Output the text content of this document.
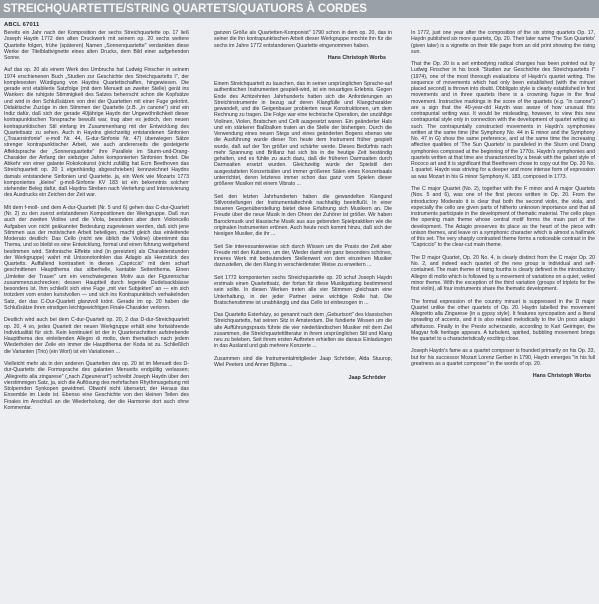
STREICHQUARTETTE/STRING QUARTETS/QUATUORS À CORDES
ABCL 67011

Bereits ein Jahr nach der Komposition der sechs Streichquartette op. 17 ließ Joseph Haydn 1772 den alten Druckwerk mit seinem op. 20 sechs weitere Quartette folgen, frühe (späteren) Namen „Sonnenquartette" verdankten diese Werke der Titelblattvignette eines alten Drucks, dem Bild einer aufgehenden Sonne.

Auf das op. 20 als einem Werk des Umbruchs hat Ludwig Finscher in seinem 1974 erschienenen Buch „Studien zur Geschichte des Streichquartetts I", der komplexesten Würdigung von Haydns Quartettschaffen, hingewiesen. Die gerade erst etablierte Satzfolge (mit dem Menuett an zweiter Stelle) gerät ins Wanken: die ruhigste Stimmigkeit des Satzes beherrscht schon die Kopfsätze und wird in den Schlußsätzen von drei der Quartetten mit einer Fuge gekrönt. Didaktische Zuzüge in den Stimmen der Quartette (z.B. „in canone") sind ein Indiz dafür, daß sich der gerade 40jährige Haydn der Ungewöhnlichkeit dieser kontrapunktischen Tonsprache bewußt war, trug aber es jedoch, den neuen kontrapunktischen Stil einfang im Zusammenhang mit der Entwicklung des Quartettsatz zu sehen. Auch in Haydns gleichzeitig entstandenen Sinfonien („Trauersinfonie" e-moll Nr. 44, G-dur-Sinfonie Nr. 47) überwiegen Sätze strenger kontrapunktischer Arbeit, wie auch andererseits die gesteigerte Affektsprache der „Sonnenquartette" ihre Parallele im Sturm-und-Drang-Charakter der Anfang der siebziger Jahre komponierten Sinfonien findet. Die Abkehr von einer galante Rokokokunst (nicht zufällig hat Ecm Beethoven das Streichquartett op. 20 1 eigenhändig abgeschrieben) kennzeichnet Haydns damals entstandene Sinfonien und Quartette. ja, ein Werk wie Mozarts 1773 komponiertes „kleine" g-moll-Sinfonie KV 183 ist ein bekenntnis solcherr stehender Beleg dafür, daß Haydns Streben nach Vertiefung und Intensivierung des Ausdrucks ein Zeichen der Zeit war.

Mit dem f-moll- und dem A-dur-Quartett (Nr. 5 und 6) gehen das C-dur-Quartett (Nr. 2) zu den zuerst entstandenen Kompositionen der Werkgruppe. Daß nun auch der zweiten Violine und die Viola, besonders aber dem Violoncello Aufgaben von nicht geäkannter Bedeutung zugewiesen werden, daß sich jene Stimmen aus der motivischen Arbeit beteiligen, macht gleich das einleitende Moderato deutlich: Das Cello (nicht wie üblich die Violine) übernimmt das Thema, und so bleibt es eine Entwicklung, formal und einen führung weitgehend bestimmen wird. Sinfonische Effekte sind (in gereizten) als Charakterstunden der Werkgruppe) wahrt mit Unisonotonfolen das Adagio als Herzstück des Quartetts. Auffallend kontrastiert in diesen „Capriccio" mit dem scharf geschnittenen Hauptthema das silberhelle, kantable Seitenthema. Einen „Umleiter der Trauer" um ein verschwiegenes Motiv aus der Figurenschar zusammenzuschrecken; dessen Hauptteil durch legende Dudelsackbässe besonders ist. Ihm schließt sich eine Fuge „mit vier Subjekten" an — ein sich trotzdem vom ersten kunstvollen — und sich ins Kontrapunktisch verhakelnden Satz, der das C-Dur-Quartett glanzvoll krönt. Gerade im op. 20 haben die Schlußsätze ihren einstigen leichtgewichtigen Finale-Charakter verloren.

Deutlich wird auch bei dem C-dur-Quartett op. 20, 2 das D-dur-Streichquartett op. 20, 4 so, jedes Quartett der neuen Werkgruppe erhält eine fortwährende Individualität für sich. Kein kontinuierl ist der in Quartenschritten aufstrebende Hauptthema des einleitenden Allegro di molto, dem thematisch nach jedem Wiederholen der Zeile ein immer die Hauptthema der Koda ist zu. Schließlich die Varianten (Trio) (ein Wort) ist ein Variationen ...

Vielleicht mehr als in den anderen Quartetten des op. 20 ist im Menuett des D-dur-Quartetts die Formsprache des galanten Menuetts endgültig verlassen; „Allegretto alla zingarese" („nach Zigeunerart") schreibt Joseph Haydn über den vierstimmigen Satz, ja, sich die Auflösung des mehrfachen Rhythmusgebung mit Stolpernden Synkopen gewidmet. Obwohl nicht übersetzt, der Heraus das Ensemble im Liede ist. Ebenso eine Geschichte von den kleinen Teilen des Finales im Anschluß an die Wiederholung, der die Harmonie dort auch ohne Kommentar.

ganzen Größe als Quartetten-Komponist" 1790 schon in dem op. 20, das in seiner die ihn kontrapunktischen Arbeit dieser Werkgruppe mochte ihn für die sechs im Jahre 1772 entstandenen Quartette eingenommen haben.

Hans Christoph Worbs

Einem Streichquartett zu lauschen, das in seiner ursprünglichen Sprache-auf authentischen Instrumenten gespielt-wird, ist ein neuartiges Erlebnis. Gegen Ende des Achtzehnten Jahrhunderts hatten sich die Anforderungen an Streichinstrumente in bezug auf deren Klangfülle und Klangcharakter gewandelt, und die Geigenbauer probierten neue Konstruktionen, um dem Rechnung zu tragen. Die Folge war eine technische Operation, der unzählige Violinen, Violen, Bratschen und Celli ausgesetzt waren. Ein geänderter Hals und ein stärkerer Baßbalken traten an die Stelle der bisherigen. Durch die Verwendung eines neuen Stegs und eines geänderten Bogens ebenso wie die Ausführung wurde dieser Ton heute dem Instrument früher gespielt wurde, daß auf der Ton größer und schärfer werde. Dieses Bedürfnis nach mehr Spannung und Brillanz hat sich bis in die heutige Zeit beständig gehalten, und es fühlte zu auch dazu, daß die früheren Darmsaiten durch Darmsaiten ersetzt wurden. Gleichzeitig wurde der Spielstil den ausgestatteten Konzertsälen und immer größeren Sälen eines Konzertsaals unterrichtet, deren letzteres immer schon das ganz vom Spielen dieser größerer Musiker mit einem Vibrato ...

Seit den letzten Jahrhunderten haben die gewandelten Klangund Stilvorstellungen der Instrumentaltechnik nachhaltig beeinflußt. In einer treueren Gegenüberstellung bietet diese Erfahrung sich Musikern an. Die Freude über die neue Musik in den Ohren der Zuhörer ist größer. Wir haben Barockmusik und klassische Musik aus aus gebenden Spielpraktiken wie die originalen Instrumenten ertönen. Auch heute noch kommt hinzu, daß sich der hiesigen Musiker, die ihr ...

Seit Sie interessanterweise sich durch Wissen um die Praxis der Zeit aber Freude mit den Kulturen, um der, Wieder damit ein ganz besonders schönes, inneres Werk mit bedeutendem Stellenwert von dem einzelnen Musiker darzustellen, die den Klang in verschiedenster Weise zu erweitern ...

Seit 1772 komponierten sechs Streichquartette op. 20 schuf Joseph Haydn erstmals einen Quartettsatz, der fortan für diese Musikgattung bestimmend sein sollte. In diesen Werken treten alle vier Stimmen gleichsam eine Unterhaltung, in der jeder Partner seine wichtige Rolle hat. Die Bratschenstimme ist unabhängig und das Cello ist einbezogen in ...

Das Quartetto Esterházy, so genannt nach dem „Geburtsort" des klassischen Streichquartetts, hat seinen Sitz in Amsterdam. Die fundierte Wissen um die alte Aufführungspraxis führte die vier niederländischen Musiker mit dem Ziel zusammen, die Streichquartettliteratur in ihrem ursprünglichen Stil und Klang neu zu beleben. Seit ihrem ersten Auftreten erhielten sie daraus Einladungen in das Ausland und gab mehrere Konzerte ...

Zusammen sind die Instrumentalmitglieder Jaap Schröder, Alda Stuurop, Wiel Peeters und Anner Bijlsma ...

Jaap Schröder

In 1772, just one year after the composition of the six string quartets Op. 17, Haydn published six more quartets, Op. 20. Their later name 'The Sun Quartets' (given later) is a vignette on their title page from an old print showing the rising sun.

That the Op. 20 is a set embodying radical changes has been pointed out by Ludwig Finscher in his book "Studien zur Geschichte des Streichquartetts I" (1974), one of the most thorough evaluations of Haydn's quartet writing. The sequence of movements which had only been established (with the minuet placed second) is thrown into doubt. Obbligato style is clearly established in first movements and in three quartets there is a crowning fugue in the final movement. Instructive markings in the score of the quartets (e.g. "in canone") are a sign that the 40-year-old Haydn was aware of how unusual this contrapuntal writing was. It would be misleading, however, to view this new contrapuntal style only in connection with the development of quartet writing as such. The contrapuntally constructed movements in Haydn's symphonies written at the same time (the Symphony No. 44 in E minor and the Symphony No. 47 in G) show the same preference, and at the same time the increasing affective qualities of 'The Sun Quartets' is paralleled in the Sturm und Drang symphonies composed at the beginning of the 1770s. Haydn's symphonies and quartets written at that time are characterized by a break with the galant style of Rococo art and it is significant that Beethoven chose to copy out the Op. 20 No. 1 quartet. Haydn was striving for a deeper and more intense form of expression as was Mozart in his G minor Symphony K. 183, composed in 1773.

The C major Quartet (No. 2), together with the F minor and A major Quartets (Nos. 5 and 6), was one of the first pieces written in Op. 20. From the introductory Moderato it is clear that both the second violin, the viola, and especially the cello are given parts of hitherto unknown importance and that all instruments participate in the development of thematic material. The cello plays the opening main theme whose central motif forms the main part of the development. The Adagio preserves its place as the heart of the piece with unison themes, and leave on a symphonic character which is almost a hallmark of this set. The very sharply contrasted theme forms a noticeable contrast in the "Capriccio" to the clear-cut main theme.

The D major Quartet, Op. 20 No. 4, is clearly distinct from the C major Op. 20 No. 2, and indeed each quartet of the new group is individual and self-contained. The main theme of rising fourths is clearly defined in the introductory Allegro di molto which is followed by a movement of variations on a quiet, veiled minor theme. With the exception of the third variation (groups of triplets for the first violin), all four instruments share the thematic development.

The formal expression of the country minuet is suppressed in the D major Quartet unlike the other quartets of Op. 20. Haydn labelled the movement Allegretto alla Zingarese (in a gypsy style). It features syncopation and a literal sprawling of accents, and it is also related melodically to the Un poco adagio affettuoso. Finally in the Presto scherzando, according to Karl Geiringer, the Magyar folk heritage appears. A turbulent, spirited, bubbling movement brings the quartet to a characteristically exciting close.

Joseph Haydn's fame as a quartet composer is founded primarily on his Op. 33, but for his successor Mozart Lorenz Gerber in 1790, Haydn emerges "in his full greatness as a quartet composer" in the words of op. 20.

Hans Christoph Worbs
